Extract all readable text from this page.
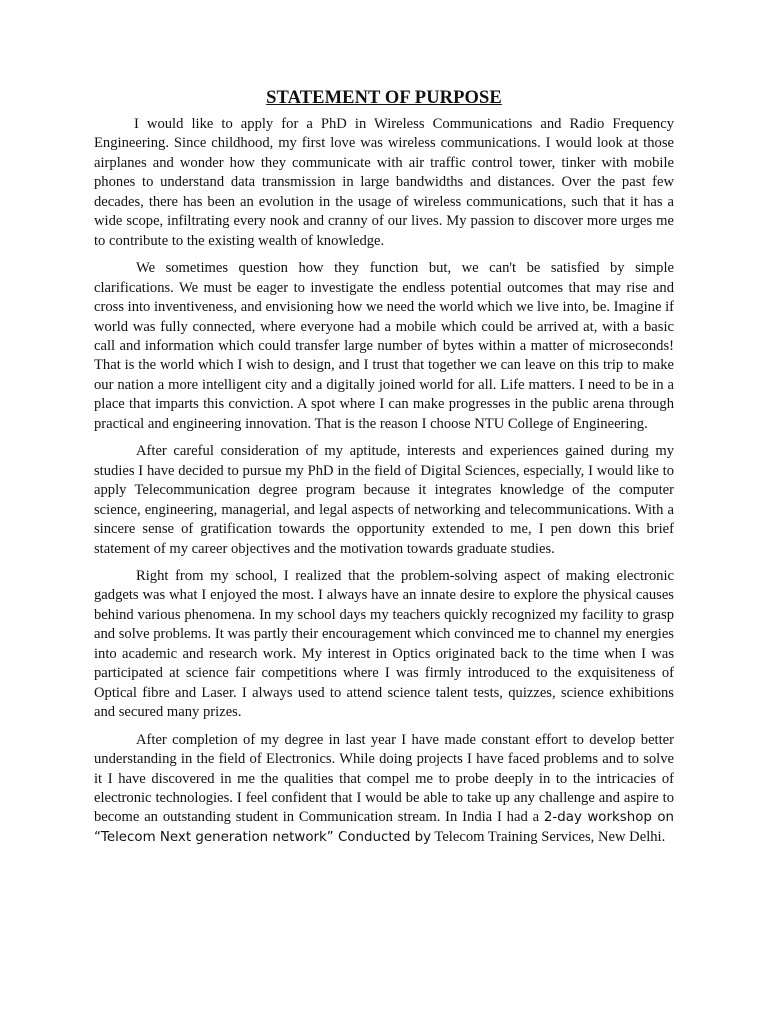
STATEMENT OF PURPOSE

I would like to apply for a PhD in Wireless Communications and Radio Frequency Engineering. Since childhood, my first love was wireless communications. I would look at those airplanes and wonder how they communicate with air traffic control tower, tinker with mobile phones to understand data transmission in large bandwidths and distances. Over the past few decades, there has been an evolution in the usage of wireless communications, such that it has a wide scope, infiltrating every nook and cranny of our lives. My passion to discover more urges me to contribute to the existing wealth of knowledge.

We sometimes question how they function but, we can't be satisfied by simple clarifications. We must be eager to investigate the endless potential outcomes that may rise and cross into inventiveness, and envisioning how we need the world which we live into, be. Imagine if world was fully connected, where everyone had a mobile which could be arrived at, with a basic call and information which could transfer large number of bytes within a matter of microseconds! That is the world which I wish to design, and I trust that together we can leave on this trip to make our nation a more intelligent city and a digitally joined world for all. Life matters. I need to be in a place that imparts this conviction. A spot where I can make progresses in the public arena through practical and engineering innovation. That is the reason I choose NTU College of Engineering.

After careful consideration of my aptitude, interests and experiences gained during my studies I have decided to pursue my PhD in the field of Digital Sciences, especially, I would like to apply Telecommunication degree program because it integrates knowledge of the computer science, engineering, managerial, and legal aspects of networking and telecommunications. With a sincere sense of gratification towards the opportunity extended to me, I pen down this brief statement of my career objectives and the motivation towards graduate studies.

Right from my school, I realized that the problem-solving aspect of making electronic gadgets was what I enjoyed the most. I always have an innate desire to explore the physical causes behind various phenomena. In my school days my teachers quickly recognized my facility to grasp and solve problems. It was partly their encouragement which convinced me to channel my energies into academic and research work. My interest in Optics originated back to the time when I was participated at science fair competitions where I was firmly introduced to the exquisiteness of Optical fibre and Laser. I always used to attend science talent tests, quizzes, science exhibitions and secured many prizes.

After completion of my degree in last year I have made constant effort to develop better understanding in the field of Electronics. While doing projects I have faced problems and to solve it I have discovered in me the qualities that compel me to probe deeply in to the intricacies of electronic technologies. I feel confident that I would be able to take up any challenge and aspire to become an outstanding student in Communication stream. In India I had a 2-day workshop on “Telecom Next generation network” Conducted by Telecom Training Services, New Delhi.
